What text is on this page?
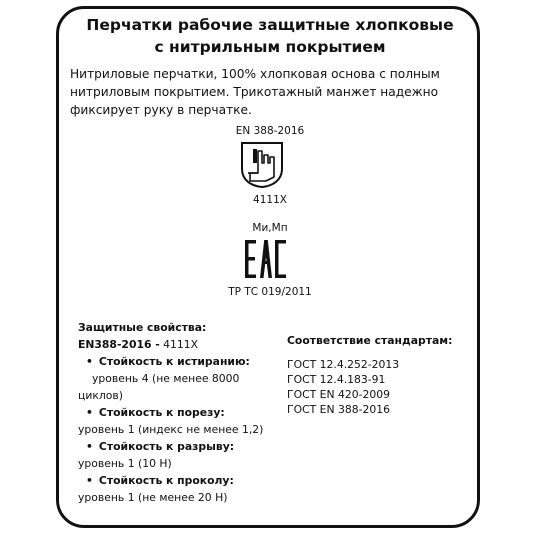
Перчатки рабочие защитные хлопковые
с нитрильным покрытием
Нитриловые перчатки, 100% хлопковая основа с полным
нитриловым покрытием. Трикотажный манжет надежно
фиксирует руку в перчатке.
EN 388-2016
4111X
Ми,Мп
ТР ТС 019/2011
Защитные свойства:
EN388-2016 - 4111X
• Стойкость к истиранию:
уровень 4 (не менее 8000
циклов)
• Стойкость к порезу:
уровень 1 (индекс не менее 1,2)
• Стойкость к разрыву:
уровень 1 (10 Н)
• Стойкость к проколу:
уровень 1 (не менее 20 Н)
Соответствие стандартам:
ГОСТ 12.4.252-2013
ГОСТ 12.4.183-91
ГОСТ EN 420-2009
ГОСТ EN 388-2016
